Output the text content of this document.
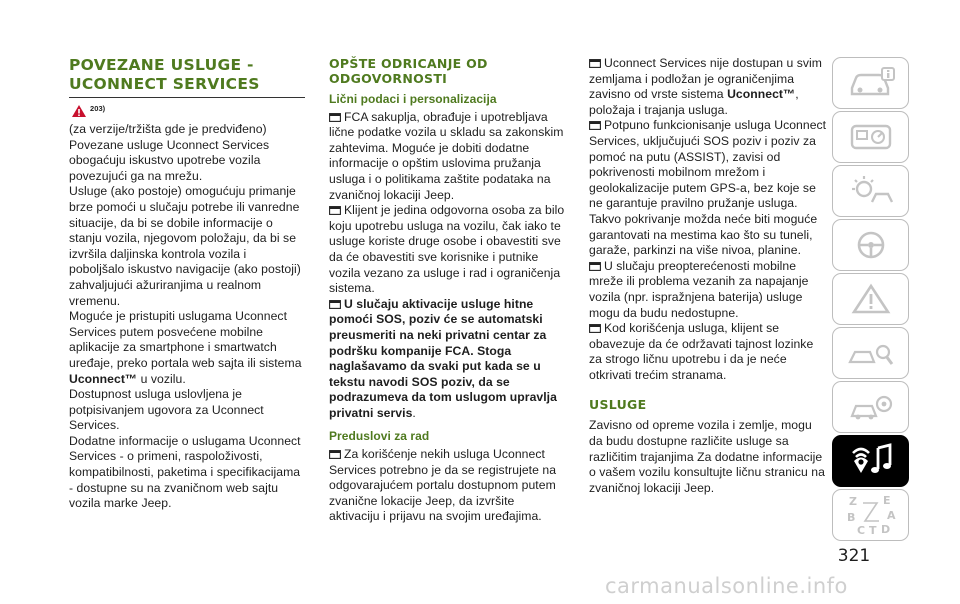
POVEZANE USLUGE -
UCONNECT SERVICES
203)

(za verzije/tržišta gde je predviđeno) Povezane usluge Uconnect Services obogaćuju iskustvo upotrebe vozila povezujući ga na mrežu.

Usluge (ako postoje) omogućuju primanje brze pomoći u slučaju potrebe ili vanredne situacije, da bi se dobile informacije o stanju vozila, njegovom položaju, da bi se izvršila daljinska kontrola vozila i poboljšalo iskustvo navigacije (ako postoji) zahvaljujući ažuriranjima u realnom vremenu.

Moguće je pristupiti uslugama Uconnect Services putem posvećene mobilne aplikacije za smartphone i smartwatch uređaje, preko portala web sajta ili sistema Uconnect™ u vozilu.

Dostupnost usluga uslovljena je potpisivanjem ugovora za Uconnect Services.

Dodatne informacije o uslugama Uconnect Services - o primeni, raspoloživosti, kompatibilnosti, paketima i specifikacijama - dostupne su na zvaničnom web sajtu vozila marke Jeep.

OPŠTE ODRICANJE OD
ODGOVORNOSTI
Lični podaci i personalizacija

FCA sakuplja, obrađuje i upotrebljava lične podatke vozila u skladu sa zakonskim zahtevima. Moguće je dobiti dodatne informacije o opštim uslovima pružanja usluga i o politikama zaštite podataka na zvaničnoj lokaciji Jeep.

Klijent je jedina odgovorna osoba za bilo koju upotrebu usluga na vozilu, čak iako te usluge koriste druge osobe i obavestiti sve da će obavestiti sve korisnike i putnike vozila vezano za usluge i rad i ograničenja sistema.

U slučaju aktivacije usluge hitne pomoći SOS, poziv će se automatski preusmeriti na neki privatni centar za podršku kompanije FCA. Stoga naglašavamo da svaki put kada se u tekstu navodi SOS poziv, da se podrazumeva da tom uslugom upravlja privatni servis.

Preduslovi za rad

Za korišćenje nekih usluga Uconnect Services potrebno je da se registrujete na odgovarajućem portalu dostupnom putem zvanične lokacije Jeep, da izvršite aktivaciju i prijavu na svojim uređajima.

Uconnect Services nije dostupan u svim zemljama i podložan je ograničenjima zavisno od vrste sistema Uconnect™, položaja i trajanja usluga.

Potpuno funkcionisanje usluga Uconnect Services, uključujući SOS poziv i poziv za pomoć na putu (ASSIST), zavisi od pokrivenosti mobilnom mrežom i geolokalizacije putem GPS-a, bez koje se ne garantuje pravilno pružanje usluga. Takvo pokrivanje možda neće biti moguće garantovati na mestima kao što su tuneli, garaže, parkinzi na više nivoa, planine.

U slučaju preopterećenosti mobilne mreže ili problema vezanih za napajanje vozila (npr. ispražnjena baterija) usluge mogu da budu nedostupne.

Kod korišćenja usluga, klijent se obavezuje da će održavati tajnost lozinke za strogo ličnu upotrebu i da je neće otkrivati trećim stranama.

USLUGE

Zavisno od opreme vozila i zemlje, mogu da budu dostupne različite usluge sa različitim trajanjima Za dodatne informacije o vašem vozilu konsultujte ličnu stranicu na zvaničnoj lokaciji Jeep.

Z E
B	A
C T D
321
carmanualsonline.info
